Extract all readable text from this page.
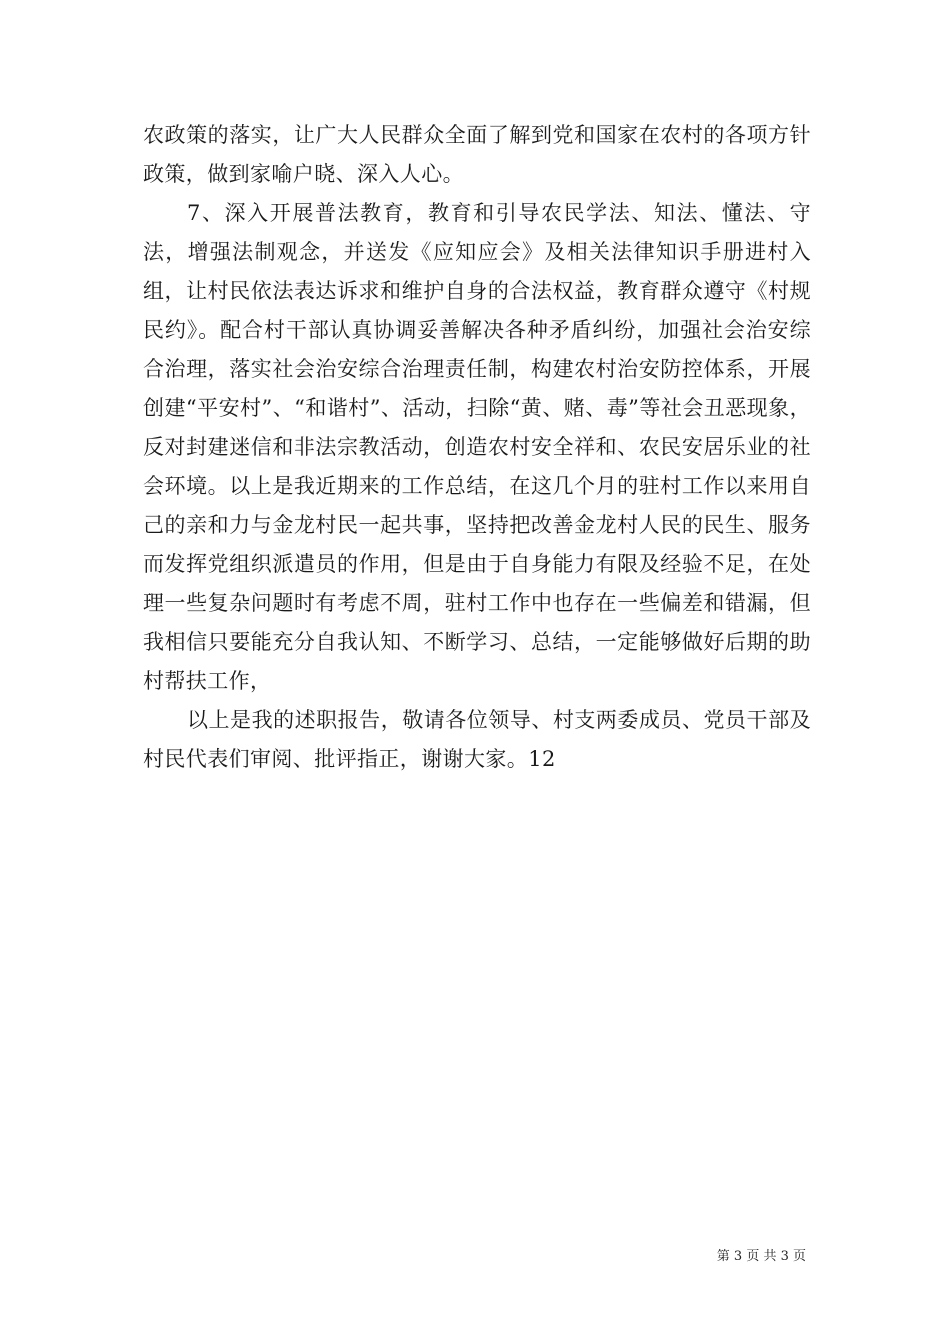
农政策的落实，让广大人民群众全面了解到党和国家在农村的各项方针政策，做到家喻户晓、深入人心。

7、深入开展普法教育，教育和引导农民学法、知法、懂法、守法，增强法制观念，并送发《应知应会》及相关法律知识手册进村入组，让村民依法表达诉求和维护自身的合法权益，教育群众遵守《村规民约》。配合村干部认真协调妥善解决各种矛盾纠纷，加强社会治安综合治理，落实社会治安综合治理责任制，构建农村治安防控体系，开展创建“平安村”、“和谐村”、活动，扫除“黄、赌、毒”等社会丑恶现象，反对封建迷信和非法宗教活动，创造农村安全祥和、农民安居乐业的社会环境。以上是我近期来的工作总结，在这几个月的驻村工作以来用自己的亲和力与金龙村民一起共事，坚持把改善金龙村人民的民生、服务而发挥党组织派遣员的作用，但是由于自身能力有限及经验不足，在处理一些复杂问题时有考虑不周，驻村工作中也存在一些偏差和错漏，但我相信只要能充分自我认知、不断学习、总结，一定能够做好后期的助村帮扶工作，

以上是我的述职报告，敬请各位领导、村支两委成员、党员干部及村民代表们审阅、批评指正，谢谢大家。12

第 3 页 共 3 页
